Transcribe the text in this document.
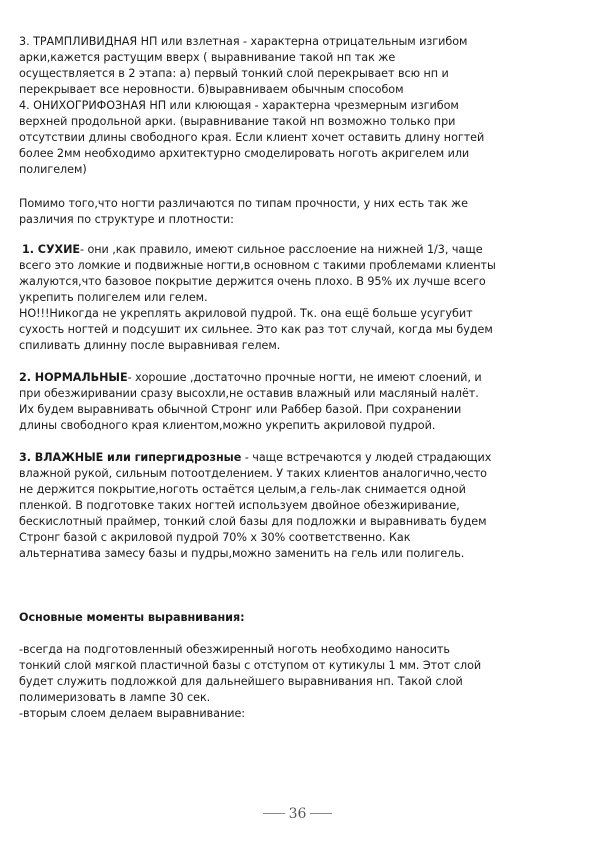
3. ТРАМПЛИВИДНАЯ НП или взлетная - характерна отрицательным изгибом
арки,кажется растущим вверх ( выравнивание такой нп так же
осуществляется в 2 этапа: а) первый тонкий слой перекрывает всю нп и
перекрывает все неровности. б)выравниваем обычным способом
4. ОНИХОГРИФОЗНАЯ НП или клюющая - характерна чрезмерным изгибом
верхней продольной арки. (выравнивание такой нп возможно только при
отсутствии длины свободного края. Если клиент хочет оставить длину ногтей
более 2мм необходимо архитектурно смоделировать ноготь акригелем или
полигелем)
Помимо того,что ногти различаются по типам прочности, у них есть так же
различия по структуре и плотности:
1. СУХИЕ- они ,как правило, имеют сильное расслоение на нижней 1/3, чаще
всего это ломкие и подвижные ногти,в основном с такими проблемами клиенты
жалуются,что базовое покрытие держится очень плохо. В 95% их лучше всего
укрепить полигелем или гелем.
НО!!!Никогда не укреплять акриловой пудрой. Тк. она ещё больше усугубит
сухость ногтей и подсушит их сильнее. Это как раз тот случай, когда мы будем
спиливать длинну после выравнивая гелем.
2. НОРМАЛЬНЫЕ- хорошие ,достаточно прочные ногти, не имеют слоений, и
при обезжиривании сразу высохли,не оставив влажный или масляный налёт.
Их будем выравнивать обычной Стронг или Раббер базой. При сохранении
длины свободного края клиентом,можно укрепить акриловой пудрой.
3. ВЛАЖНЫЕ или гипергидрозные - чаще встречаются у людей страдающих
влажной рукой, сильным потоотделением. У таких клиентов аналогично,честo
не держится покрытие,ноготь остаётся целым,а гель-лак снимается одной
пленкой. В подготовке таких ногтей используем двойное обезжиривание,
бескислотный праймер, тонкий слой базы для подложки и выравнивать будем
Стронг базой с акриловой пудрой 70% х 30% соответственно. Как
альтернатива замесу базы и пудры,можно заменить на гель или полигель.
Основные моменты выравнивания:
-всегда на подготовленный обезжиренный ноготь необходимо наносить
тонкий слой мягкой пластичной базы с отступом от кутикулы 1 мм. Этот слой
будет служить подложкой для дальнейшего выравнивания нп. Такой слой
полимеризовать в лампе 30 сек.
-вторым слоем делаем выравнивание:
36
